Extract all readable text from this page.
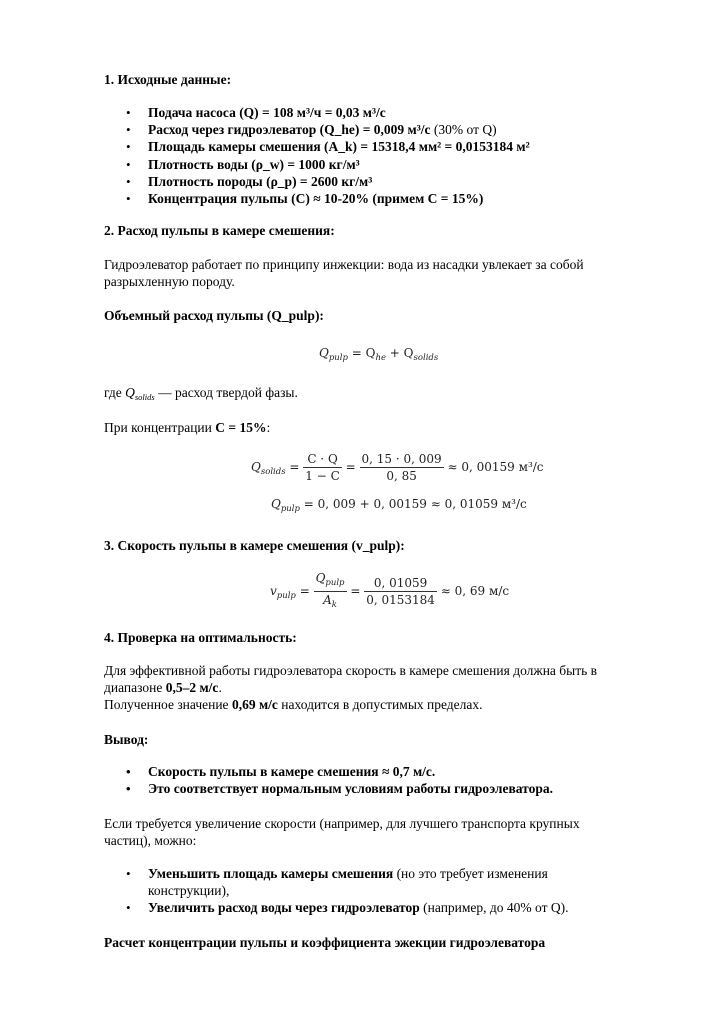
1. Исходные данные:
• Подача насоса (Q) = 108 м³/ч = 0,03 м³/с
• Расход через гидроэлеватор (Q_he) = 0,009 м³/с (30% от Q)
• Площадь камеры смешения (A_k) = 15318,4 мм² = 0,0153184 м²
• Плотность воды (ρ_w) = 1000 кг/м³
• Плотность породы (ρ_p) = 2600 кг/м³
• Концентрация пульпы (C) ≈ 10-20% (примем C = 15%)
2. Расход пульпы в камере смешения:
Гидроэлеватор работает по принципу инжекции: вода из насадки увлекает за собой
разрыхленную породу.
Объемный расход пульпы (Q_pulp):
$Q_{pulp} = Q_{he} + Q_{solids}$
где $Q_{solids}$ — расход твердой фазы.
При концентрации C = 15%:
$Q_{solids} = \frac{C \cdot Q}{1 - C} = \frac{0, 15 \cdot 0, 009}{0, 85} \approx 0$, 00159 м³/с
$Q_{pulp} = 0$, 009 + 0, 00159 ≈ 0, 01059 м³/с
3. Скорость пульпы в камере смешения (v_pulp):
$v_{pulp} = \frac{Q_{pulp}}{A_k} = \frac{0, 01059}{0, 0153184} \approx 0$, 69 м/с
4. Проверка на оптимальность:
Для эффективной работы гидроэлеватора скорость в камере смешения должна быть в
диапазоне 0,5–2 м/с.
Полученное значение 0,69 м/с находится в допустимых пределах.
Вывод:
• Скорость пульпы в камере смешения ≈ 0,7 м/с.
• Это соответствует нормальным условиям работы гидроэлеватора.
Если требуется увеличение скорости (например, для лучшего транспорта крупных
частиц), можно:
• Уменьшить площадь камеры смешения (но это требует изменения
конструкции),
• Увеличить расход воды через гидроэлеватор (например, до 40% от Q).
Расчет концентрации пульпы и коэффициента эжекции гидроэлеватора
